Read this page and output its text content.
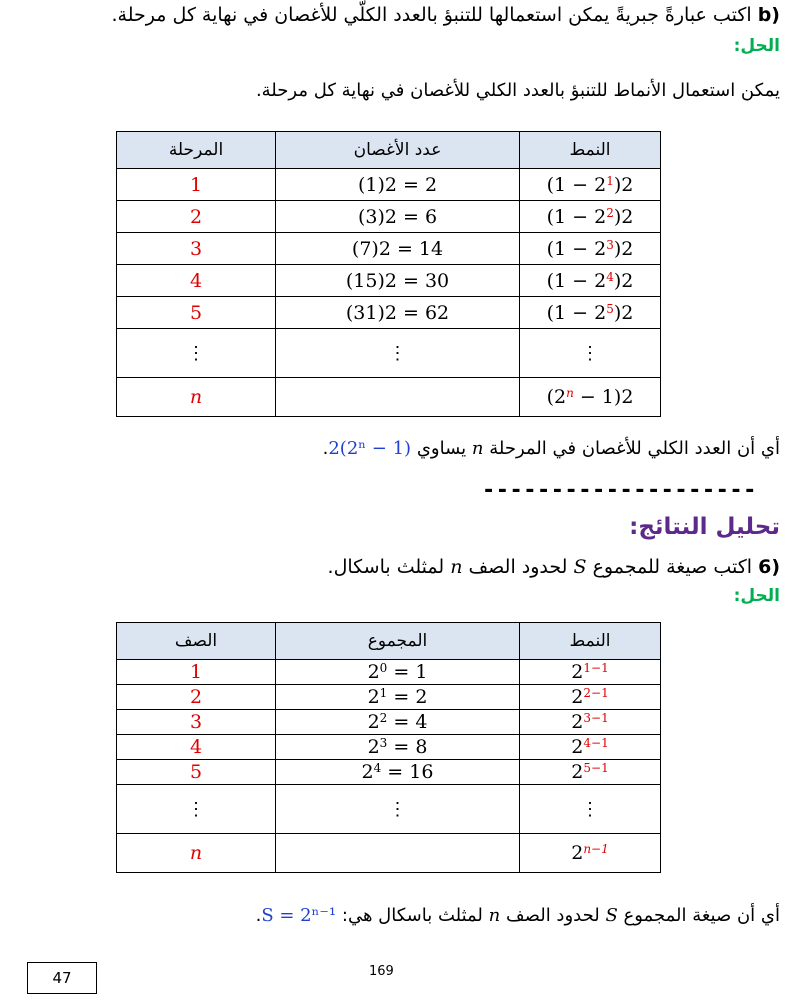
b) اكتب عبارةً جبريةً يمكن استعمالها للتنبؤ بالعدد الكلّي للأغصان في نهاية كل مرحلة.
الحل:
يمكن استعمال الأنماط للتنبؤ بالعدد الكلي للأغصان في نهاية كل مرحلة.
النمط	عدد الأغصان	المرحلة
$2(2^1 - 1)$	2 = 2(1)	1
$2(2^2 - 1)$	6 = 2(3)	2
$2(2^3 - 1)$	14 = 2(7)	3
$2(2^4 - 1)$	30 = 2(15)	4
$2(2^5 - 1)$	62 = 2(31)	5
⋮	⋮	⋮
$2(2^n - 1)$		n
أي أن العدد الكلي للأغصان في المرحلة n يساوي 2(2ⁿ − 1).
--------------------
تحليل النتائج:
6) اكتب صيغة للمجموع S لحدود الصف n لمثلث باسكال.
الحل:
النمط	المجموع	الصف
$2^{1-1}$	$1 = 2^0$	1
$2^{2-1}$	$2 = 2^1$	2
$2^{3-1}$	$4 = 2^2$	3
$2^{4-1}$	$8 = 2^3$	4
$2^{5-1}$	$16 = 2^4$	5
⋮	⋮	⋮
$2^{n-1}$		n
أي أن صيغة المجموع S لحدود الصف n لمثلث باسكال هي: S = 2ⁿ⁻¹.
47	169
